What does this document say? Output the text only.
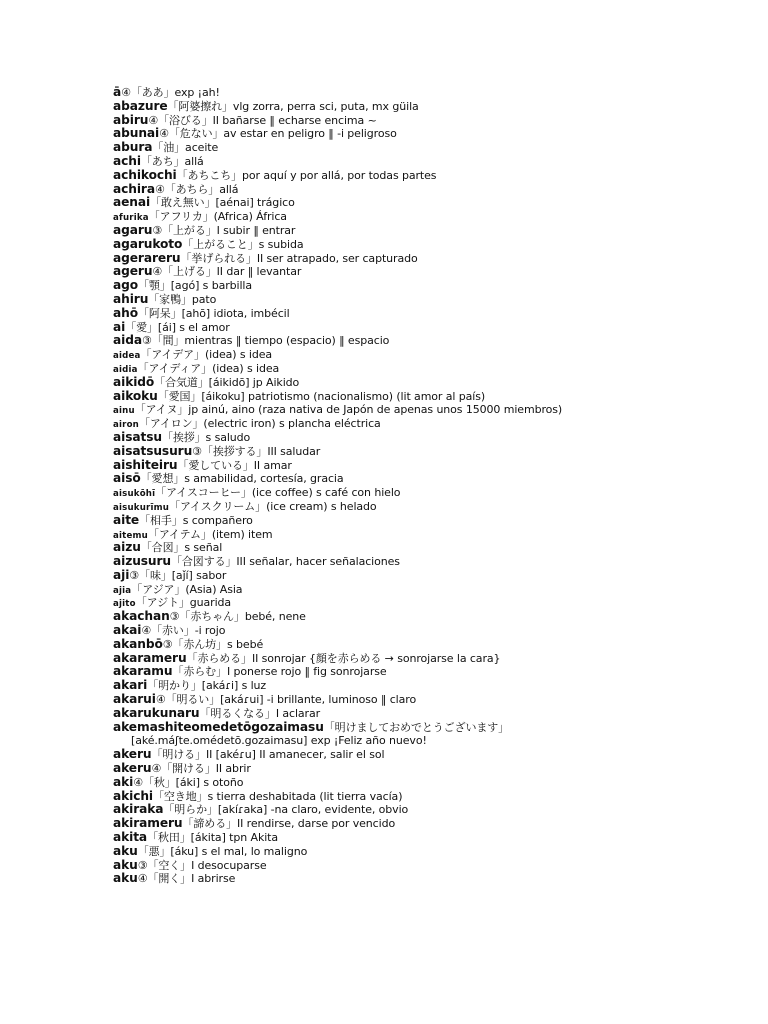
ā④「ああ」exp ¡ah!
abazure「阿婆擦れ」vlg zorra, perra sci, puta, mx güila
abiru④「浴びる」II bañarse ‖ echarse encima ~
abunai④「危ない」av estar en peligro ‖ -i peligroso
abura「油」aceite
achi「あち」allá
achikochi「あちこち」por aquí y por allá, por todas partes
achira④「あちら」allá
aenai「敢え無い」[aénai] trágico
afurika「アフリカ」(Africa) África
agaru③「上がる」I subir ‖ entrar
agarukoto「上がること」s subida
agerareru「挙げられる」II ser atrapado, ser capturado
ageru④「上げる」II dar ‖ levantar
ago「顎」[agó] s barbilla
ahiru「家鴨」pato
ahō「阿呆」[ahō] idiota, imbécil
ai「愛」[ái] s el amor
aida③「間」mientras ‖ tiempo (espacio) ‖ espacio
aidea「アイデア」(idea) s idea
aidia「アイディア」(idea) s idea
aikidō「合気道」[áikidō] jp Aikido
aikoku「愛国」[áikoku] patriotismo (nacionalismo) (lit amor al país)
ainu「アイヌ」jp ainú, aino (raza nativa de Japón de apenas unos 15000 miembros)
airon「アイロン」(electric iron) s plancha eléctrica
aisatsu「挨拶」s saludo
aisatsusuru③「挨拶する」III saludar
aishiteiru「愛している」II amar
aisō「愛想」s amabilidad, cortesía, gracia
aisukōhī「アイスコーヒー」(ice coffee) s café con hielo
aisukurīmu「アイスクリーム」(ice cream) s helado
aite「相手」s compañero
aitemu「アイテム」(item) item
aizu「合図」s señal
aizusuru「合図する」III señalar, hacer señalaciones
aji③「味」[aǰí] sabor
ajia「アジア」(Asia) Asia
ajito「アジト」guarida
akachan③「赤ちゃん」bebé, nene
akai④「赤い」-i rojo
akanbō③「赤ん坊」s bebé
akarameru「赤らめる」II sonrojar {顔を赤らめる → sonrojarse la cara}
akaramu「赤らむ」I ponerse rojo ‖ fig sonrojarse
akari「明かり」[akáɾi] s luz
akarui④「明るい」[akáɾui] -i brillante, luminoso ‖ claro
akarukunaru「明るくなる」I aclarar
akemashiteomedetōgozaimasu「明けましておめでとうございます」
[aké.máʃte.omédetō.gozaimasu] exp ¡Feliz año nuevo!
akeru「明ける」II [akéɾu] II amanecer, salir el sol
akeru④「開ける」II abrir
aki④「秋」[áki] s otoño
akichi「空き地」s tierra deshabitada (lit tierra vacía)
akiraka「明らか」[akíɾaka] -na claro, evidente, obvio
akirameru「諦める」II rendirse, darse por vencido
akita「秋田」[ákita] tpn Akita
aku「悪」[áku] s el mal, lo maligno
aku③「空く」I desocuparse
aku④「開く」I abrirse
